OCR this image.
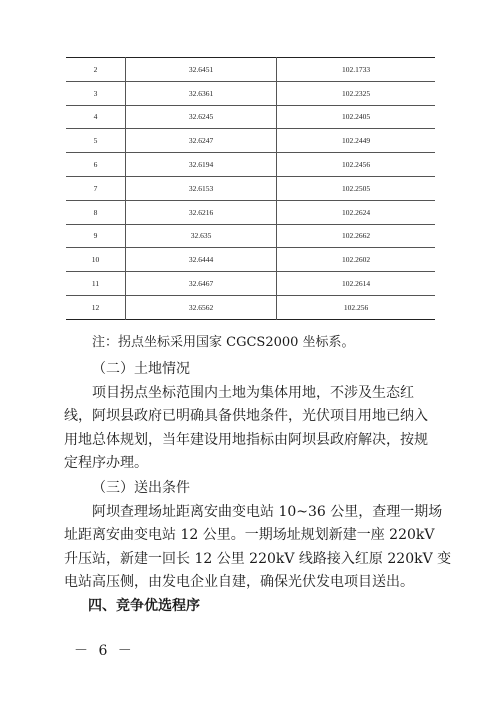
2	32.6451	102.1733
3	32.6361	102.2325
4	32.6245	102.2405
5	32.6247	102.2449
6	32.6194	102.2456
7	32.6153	102.2505
8	32.6216	102.2624
9	32.635	102.2662
10	32.6444	102.2602
11	32.6467	102.2614
12	32.6562	102.256
注：拐点坐标采用国家 CGCS2000 坐标系。
（二）土地情况
项目拐点坐标范围内土地为集体用地，不涉及生态红
线，阿坝县政府已明确具备供地条件，光伏项目用地已纳入
用地总体规划，当年建设用地指标由阿坝县政府解决，按规
定程序办理。
（三）送出条件
阿坝查理场址距离安曲变电站 10~36 公里，查理一期场
址距离安曲变电站 12 公里。一期场址规划新建一座 220kV
升压站，新建一回长 12 公里 220kV 线路接入红原 220kV 变
电站高压侧，由发电企业自建，确保光伏发电项目送出。
四、竞争优选程序
－ 6 －
